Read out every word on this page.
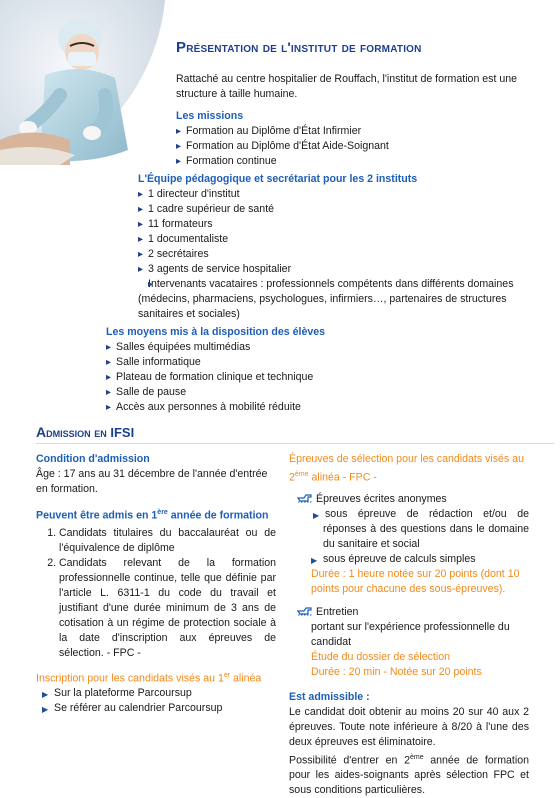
Présentation de l'institut de formation
Rattaché au centre hospitalier de Rouffach, l'institut de formation est une structure à taille humaine.
Les missions
▸ Formation au Diplôme d'État Infirmier
▸ Formation au Diplôme d'État Aide-Soignant
▸ Formation continue
L'Équipe pédagogique et secrétariat pour les 2 instituts
▸ 1 directeur d'institut
▸ 1 cadre supérieur de santé
▸ 11 formateurs
▸ 1 documentaliste
▸ 2 secrétaires
▸ 3 agents de service hospitalier
▸ Intervenants vacataires : professionnels compétents dans différents domaines (médecins, pharmaciens, psychologues, infirmiers…, partenaires de structures sanitaires et sociales)
Les moyens mis à la disposition des élèves
▸ Salles équipées multimédias
▸ Salle informatique
▸ Plateau de formation clinique et technique
▸ Salle de pause
▸ Accès aux personnes à mobilité réduite
Admission en IFSI
Condition d'admission
Âge : 17 ans au 31 décembre de l'année d'entrée en formation.
Peuvent être admis en 1ère année de formation
1. Candidats titulaires du baccalauréat ou de l'équivalence de diplôme
2. Candidats relevant de la formation professionnelle continue, telle que définie par l'article L. 6311-1 du code du travail et justifiant d'une durée minimum de 3 ans de cotisation à un régime de protection sociale à la date d'inscription aux épreuves de sélection. - FPC -
Inscription pour les candidats visés au 1er alinéa
▶ Sur la plateforme Parcoursup
▶ Se référer au calendrier Parcoursup
Épreuves de sélection pour les candidats visés au 2ème alinéa - FPC -
Épreuves écrites anonymes
▶ sous épreuve de rédaction et/ou de réponses à des questions dans le domaine du sanitaire et social
▶ sous épreuve de calculs simples
Durée : 1 heure notée sur 20 points (dont 10 points pour chacune des sous-épreuves).
Entretien
portant sur l'expérience professionnelle du candidat
Étude du dossier de sélection
Durée : 20 min - Notée sur 20 points
Est admissible :
Le candidat doit obtenir au moins 20 sur 40 aux 2 épreuves. Toute note inférieure à 8/20 à l'une des deux épreuves est éliminatoire.
Possibilité d'entrer en 2ème année de formation pour les aides-soignants après sélection FPC et sous conditions particulières.
